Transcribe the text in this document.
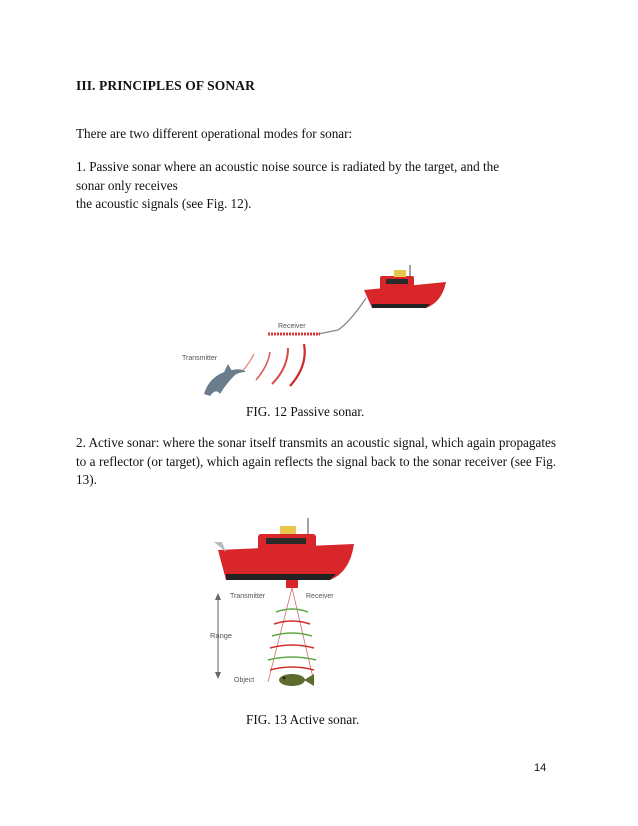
III. PRINCIPLES OF SONAR
There are two different operational modes for sonar:
1. Passive sonar where an acoustic noise source is radiated by the target, and the
sonar only receives
the acoustic signals (see Fig. 12).
Receiver
Transmitter
FIG. 12 Passive sonar.
2. Active sonar: where the sonar itself transmits an acoustic signal, which again propagates to a reflector (or target), which again reflects the signal back to the sonar receiver (see Fig. 13).
Transmitter	Receiver
Range
Object
FIG. 13 Active sonar.
14
